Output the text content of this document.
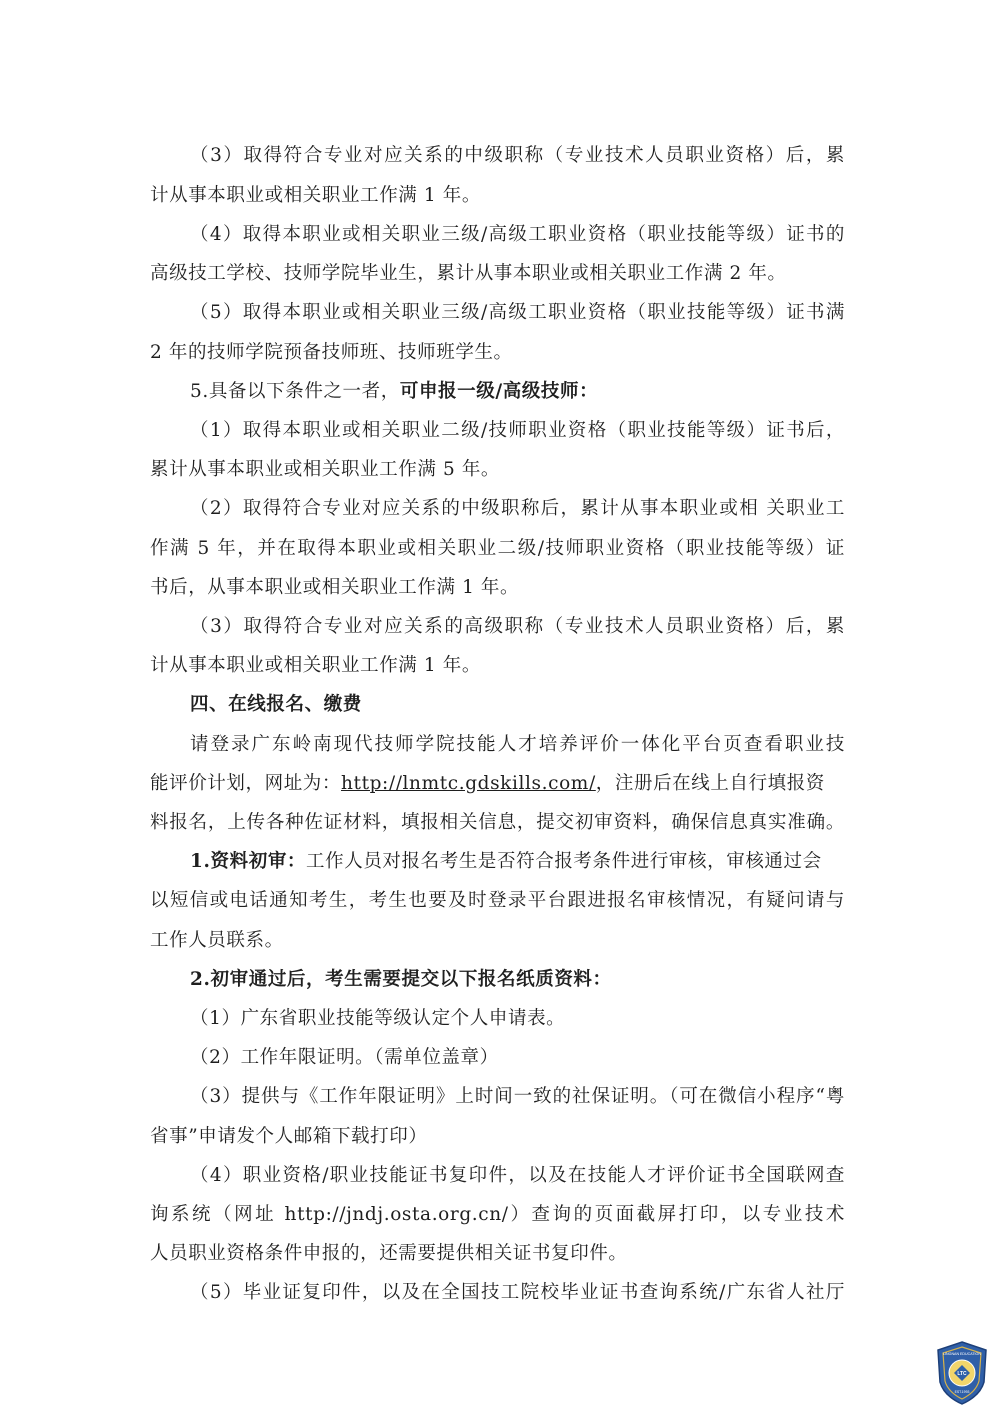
（3）取得符合专业对应关系的中级职称（专业技术人员职业资格）后，累
计从事本职业或相关职业工作满 1 年。
（4）取得本职业或相关职业三级/高级工职业资格（职业技能等级）证书的
高级技工学校、技师学院毕业生，累计从事本职业或相关职业工作满 2 年。
（5）取得本职业或相关职业三级/高级工职业资格（职业技能等级）证书满
2 年的技师学院预备技师班、技师班学生。
5.具备以下条件之一者，可申报一级/高级技师：
（1）取得本职业或相关职业二级/技师职业资格（职业技能等级）证书后，
累计从事本职业或相关职业工作满 5 年。
（2）取得符合专业对应关系的中级职称后，累计从事本职业或相 关职业工
作满 5 年，并在取得本职业或相关职业二级/技师职业资格（职业技能等级）证
书后，从事本职业或相关职业工作满 1 年。
（3）取得符合专业对应关系的高级职称（专业技术人员职业资格）后，累
计从事本职业或相关职业工作满 1 年。
四、在线报名、缴费
请登录广东岭南现代技师学院技能人才培养评价一体化平台页查看职业技
能评价计划，网址为：http://lnmtc.gdskills.com/，注册后在线上自行填报资
料报名，上传各种佐证材料，填报相关信息，提交初审资料，确保信息真实准确。
1.资料初审：工作人员对报名考生是否符合报考条件进行审核，审核通过会
以短信或电话通知考生，考生也要及时登录平台跟进报名审核情况，有疑问请与
工作人员联系。
2.初审通过后，考生需要提交以下报名纸质资料：
（1）广东省职业技能等级认定个人申请表。
（2）工作年限证明。（需单位盖章）
（3）提供与《工作年限证明》上时间一致的社保证明。（可在微信小程序“粤
省事”申请发个人邮箱下载打印）
（4）职业资格/职业技能证书复印件，以及在技能人才评价证书全国联网查
询系统（网址 http://jndj.osta.org.cn/）查询的页面截屏打印，以专业技术
人员职业资格条件申报的，还需要提供相关证书复印件。
（5）毕业证复印件，以及在全国技工院校毕业证书查询系统/广东省人社厅
LINGNAN EDUCATION
LTC
EST.1993
